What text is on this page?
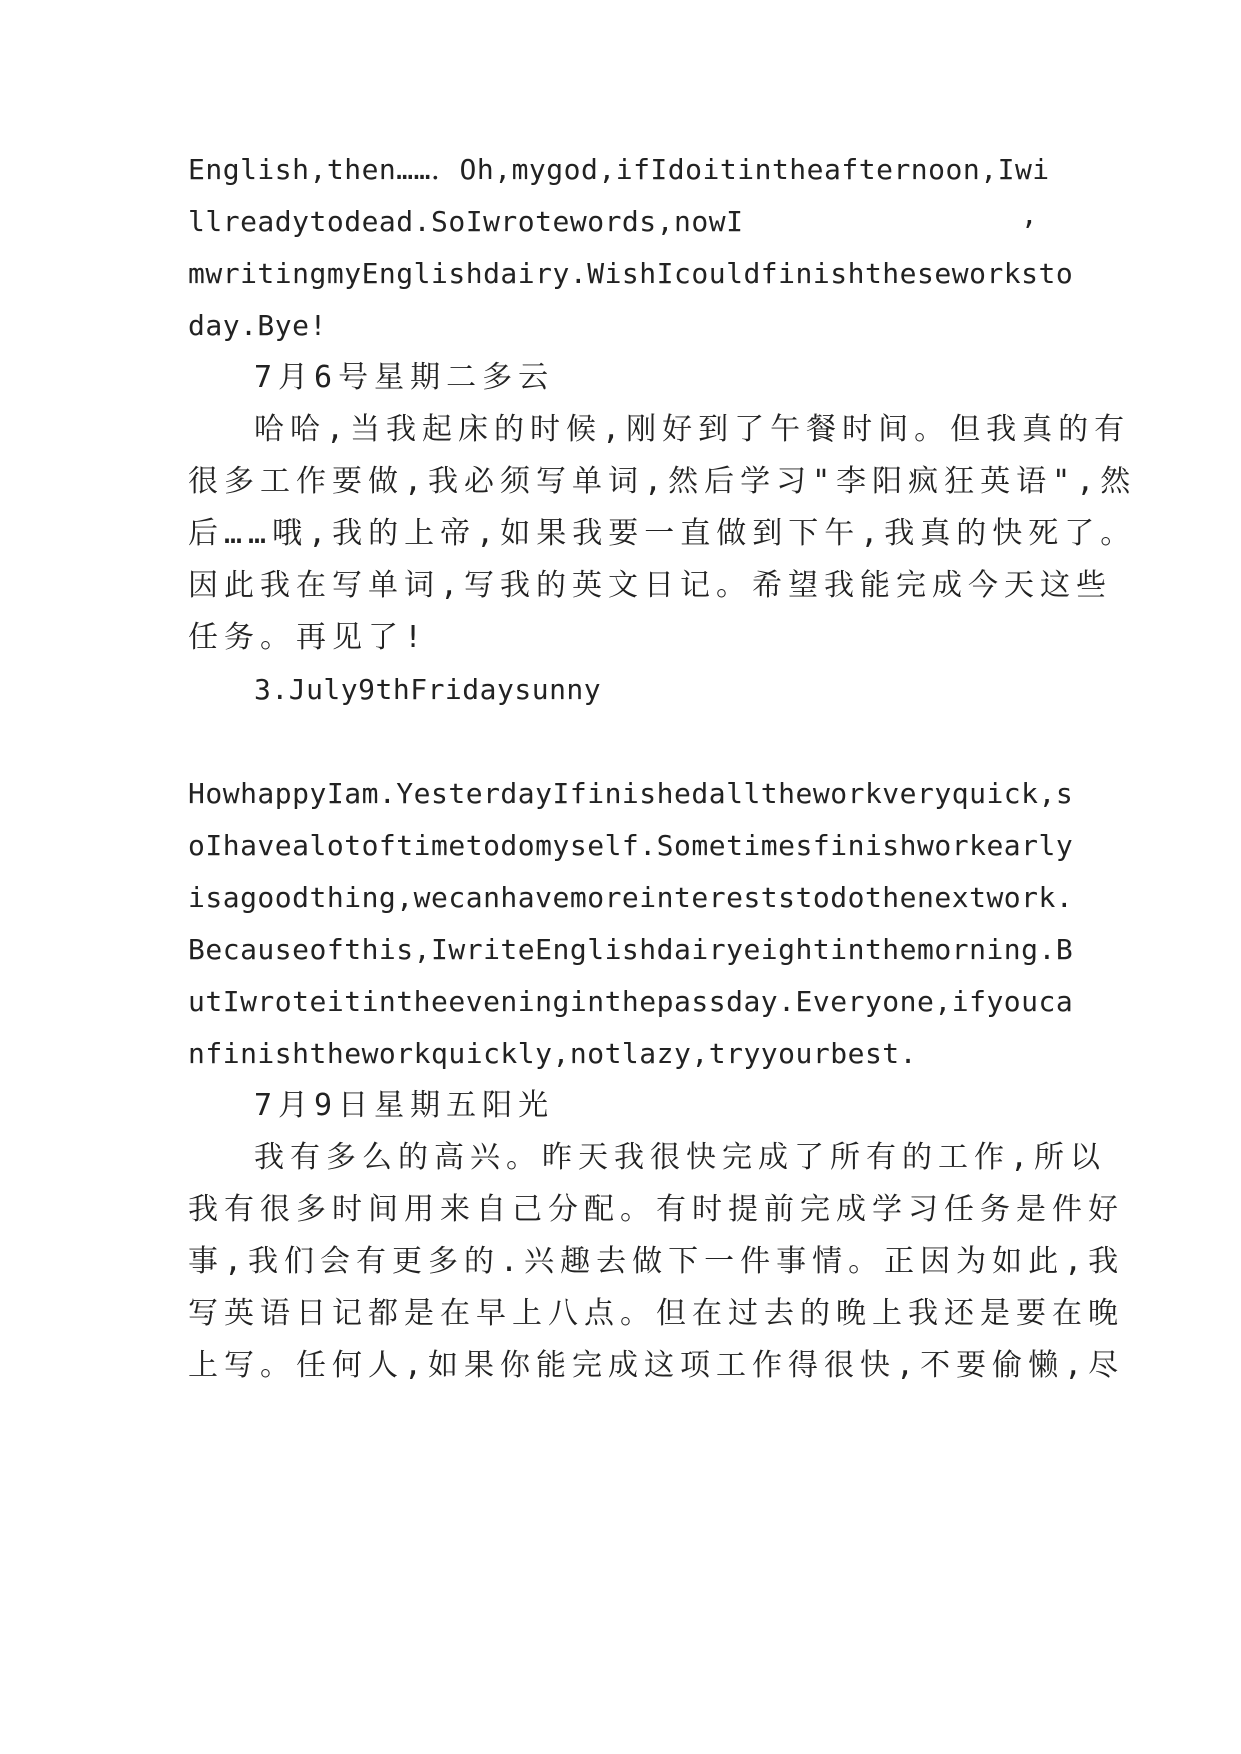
English,then……．Oh,mygod,ifIdoitintheafternoon,Iwi
llreadytodead.SoIwrotewords,nowI	’
mwritingmyEnglishdairy.WishIcouldfinishtheseworksto
day.Bye!
7月6号星期二多云
哈哈,当我起床的时候,刚好到了午餐时间。但我真的有
很多工作要做,我必须写单词,然后学习"李阳疯狂英语",然
后……哦,我的上帝,如果我要一直做到下午,我真的快死了。
因此我在写单词,写我的英文日记。希望我能完成今天这些
任务。再见了!
3.July9thFridaysunny
HowhappyIam.YesterdayIfinishedalltheworkveryquick,s
oIhavealotoftimetodomyself.Sometimesfinishworkearly
isagoodthing,wecanhavemoreintereststodothenextwork.
Becauseofthis,IwriteEnglishdairyeightinthemorning.B
utIwroteitintheeveninginthepassday.Everyone,ifyouca
nfinishtheworkquickly,notlazy,tryyourbest.
7月9日星期五阳光
我有多么的高兴。昨天我很快完成了所有的工作,所以
我有很多时间用来自己分配。有时提前完成学习任务是件好
事,我们会有更多的.兴趣去做下一件事情。正因为如此,我
写英语日记都是在早上八点。但在过去的晚上我还是要在晚
上写。任何人,如果你能完成这项工作得很快,不要偷懒,尽
